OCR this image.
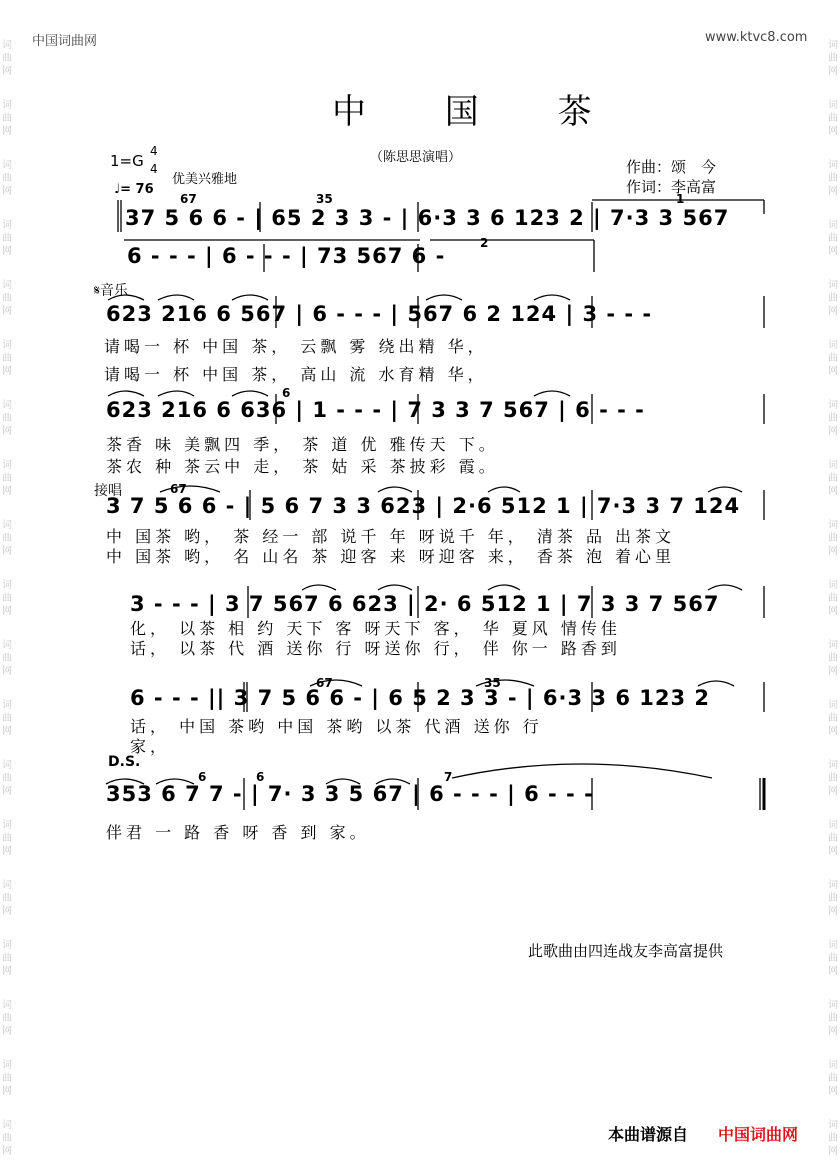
词
曲
网
词
曲
网
词
曲
网
词
曲
网
词
曲
网
词
曲
网
词
曲
网
词
曲
网
词
曲
网
词
曲
网
词
曲
网
词
曲
网
词
曲
网
词
曲
网
词
曲
网
词
曲
网
词
曲
网
词
曲
网
词
曲
网
词
曲
网
词
曲
网
词
曲
网
词
曲
网
词
曲
网
词
曲
网
词
曲
网
词
曲
网
词
曲
网
词
曲
网
词
曲
网
词
曲
网
词
曲
网
词
曲
网
词
曲
网
词
曲
网
词
曲
网
词
曲
网
词
曲
网
中国词曲网	www.ktvc8.com
中 国 茶
（陈思思演唱）
1=G
4
4
优美兴雅地
♩= 76
作曲：颂　今
作词：李高富
37 5 6 6 - | 65 2 3 3 - | 6·3 3 6 123 2 | 7·3 3 567
6 - - - | 6 - - - | 73 567 6 -
𝄋音乐
623 216 6 567 | 6 - - - | 567 6 2 124 | 3 - - -
请喝一 杯 中国 茶， 云飘 雾 绕出精 华，
请喝一 杯 中国 茶， 高山 流 水育精 华，
623 216 6 636 | 1 - - - | 7 3 3 7 567 | 6 - - -
茶香 味 美飘四 季， 茶 道 优 雅传天 下。
茶农 种 茶云中 走， 茶 姑 采 茶披彩 霞。
接唱
3 7 5 6 6 - | 5 6 7 3 3 623 | 2·6 512 1 | 7·3 3 7 124
中 国茶 哟， 茶 经一 部 说千 年 呀说千 年， 清茶 品 出茶文
中 国茶 哟， 名 山名 茶 迎客 来 呀迎客 来， 香茶 泡 着心里
3 - - - | 3 7 567 6 623 | 2· 6 512 1 | 7 3 3 7 567
化， 以茶 相 约 天下 客 呀天下 客， 华 夏风 情传佳
话， 以茶 代 酒 送你 行 呀送你 行， 伴 你一 路香到
6 - - - || 3 7 5 6 6 - | 6 5 2 3 3 - | 6·3 3 6 123 2
话， 中国 茶哟 中国 茶哟 以茶 代酒 送你 行
家，
D.S.
353 6 7 7 - | 7· 3 3 5 67 | 6 - - - | 6 - - -
伴君 一 路 香 呀 香 到 家。
67	35	1
2
6
67
67	35
6	6	7
此歌曲由四连战友李高富提供
本曲谱源自 中国词曲网
